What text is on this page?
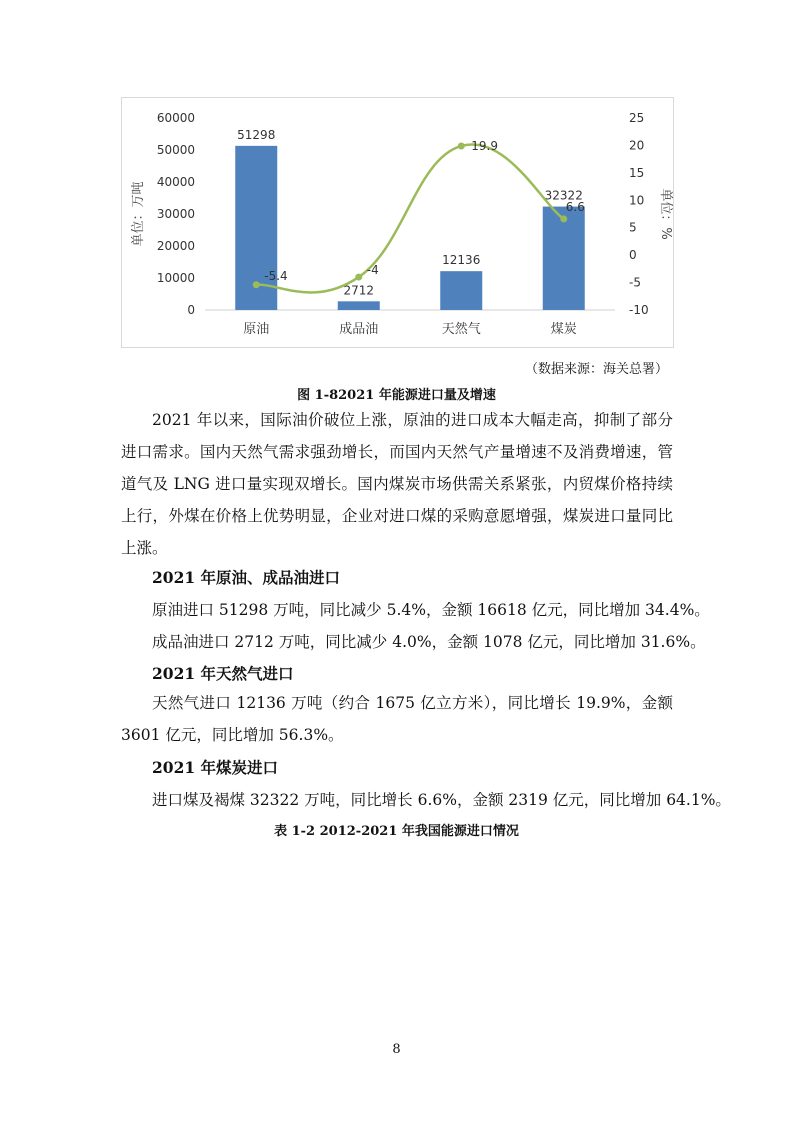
0
10000
20000
30000
40000
50000
60000
-10
-5
0
5
10
15
20
25
51298
2712
12136
32322
原油	成品油	天然气	煤炭
-5.4	-4
19.9
6.6
单位：万吨	单位：%
（数据来源：海关总署）
图 1-82021 年能源进口量及增速

2021 年以来，国际油价破位上涨，原油的进口成本大幅走高，抑制了部分进口需求。国内天然气需求强劲增长，而国内天然气产量增速不及消费增速，管道气及 LNG 进口量实现双增长。国内煤炭市场供需关系紧张，内贸煤价格持续上行，外煤在价格上优势明显，企业对进口煤的采购意愿增强，煤炭进口量同比上涨。

2021 年原油、成品油进口
原油进口 51298 万吨，同比减少 5.4%，金额 16618 亿元，同比增加 34.4%。
成品油进口 2712 万吨，同比减少 4.0%，金额 1078 亿元，同比增加 31.6%。
2021 年天然气进口

天然气进口 12136 万吨（约合 1675 亿立方米），同比增长 19.9%，金额 3601 亿元，同比增加 56.3%。

2021 年煤炭进口
进口煤及褐煤 32322 万吨，同比增长 6.6%，金额 2319 亿元，同比增加 64.1%。
表 1-2 2012-2021 年我国能源进口情况
8
